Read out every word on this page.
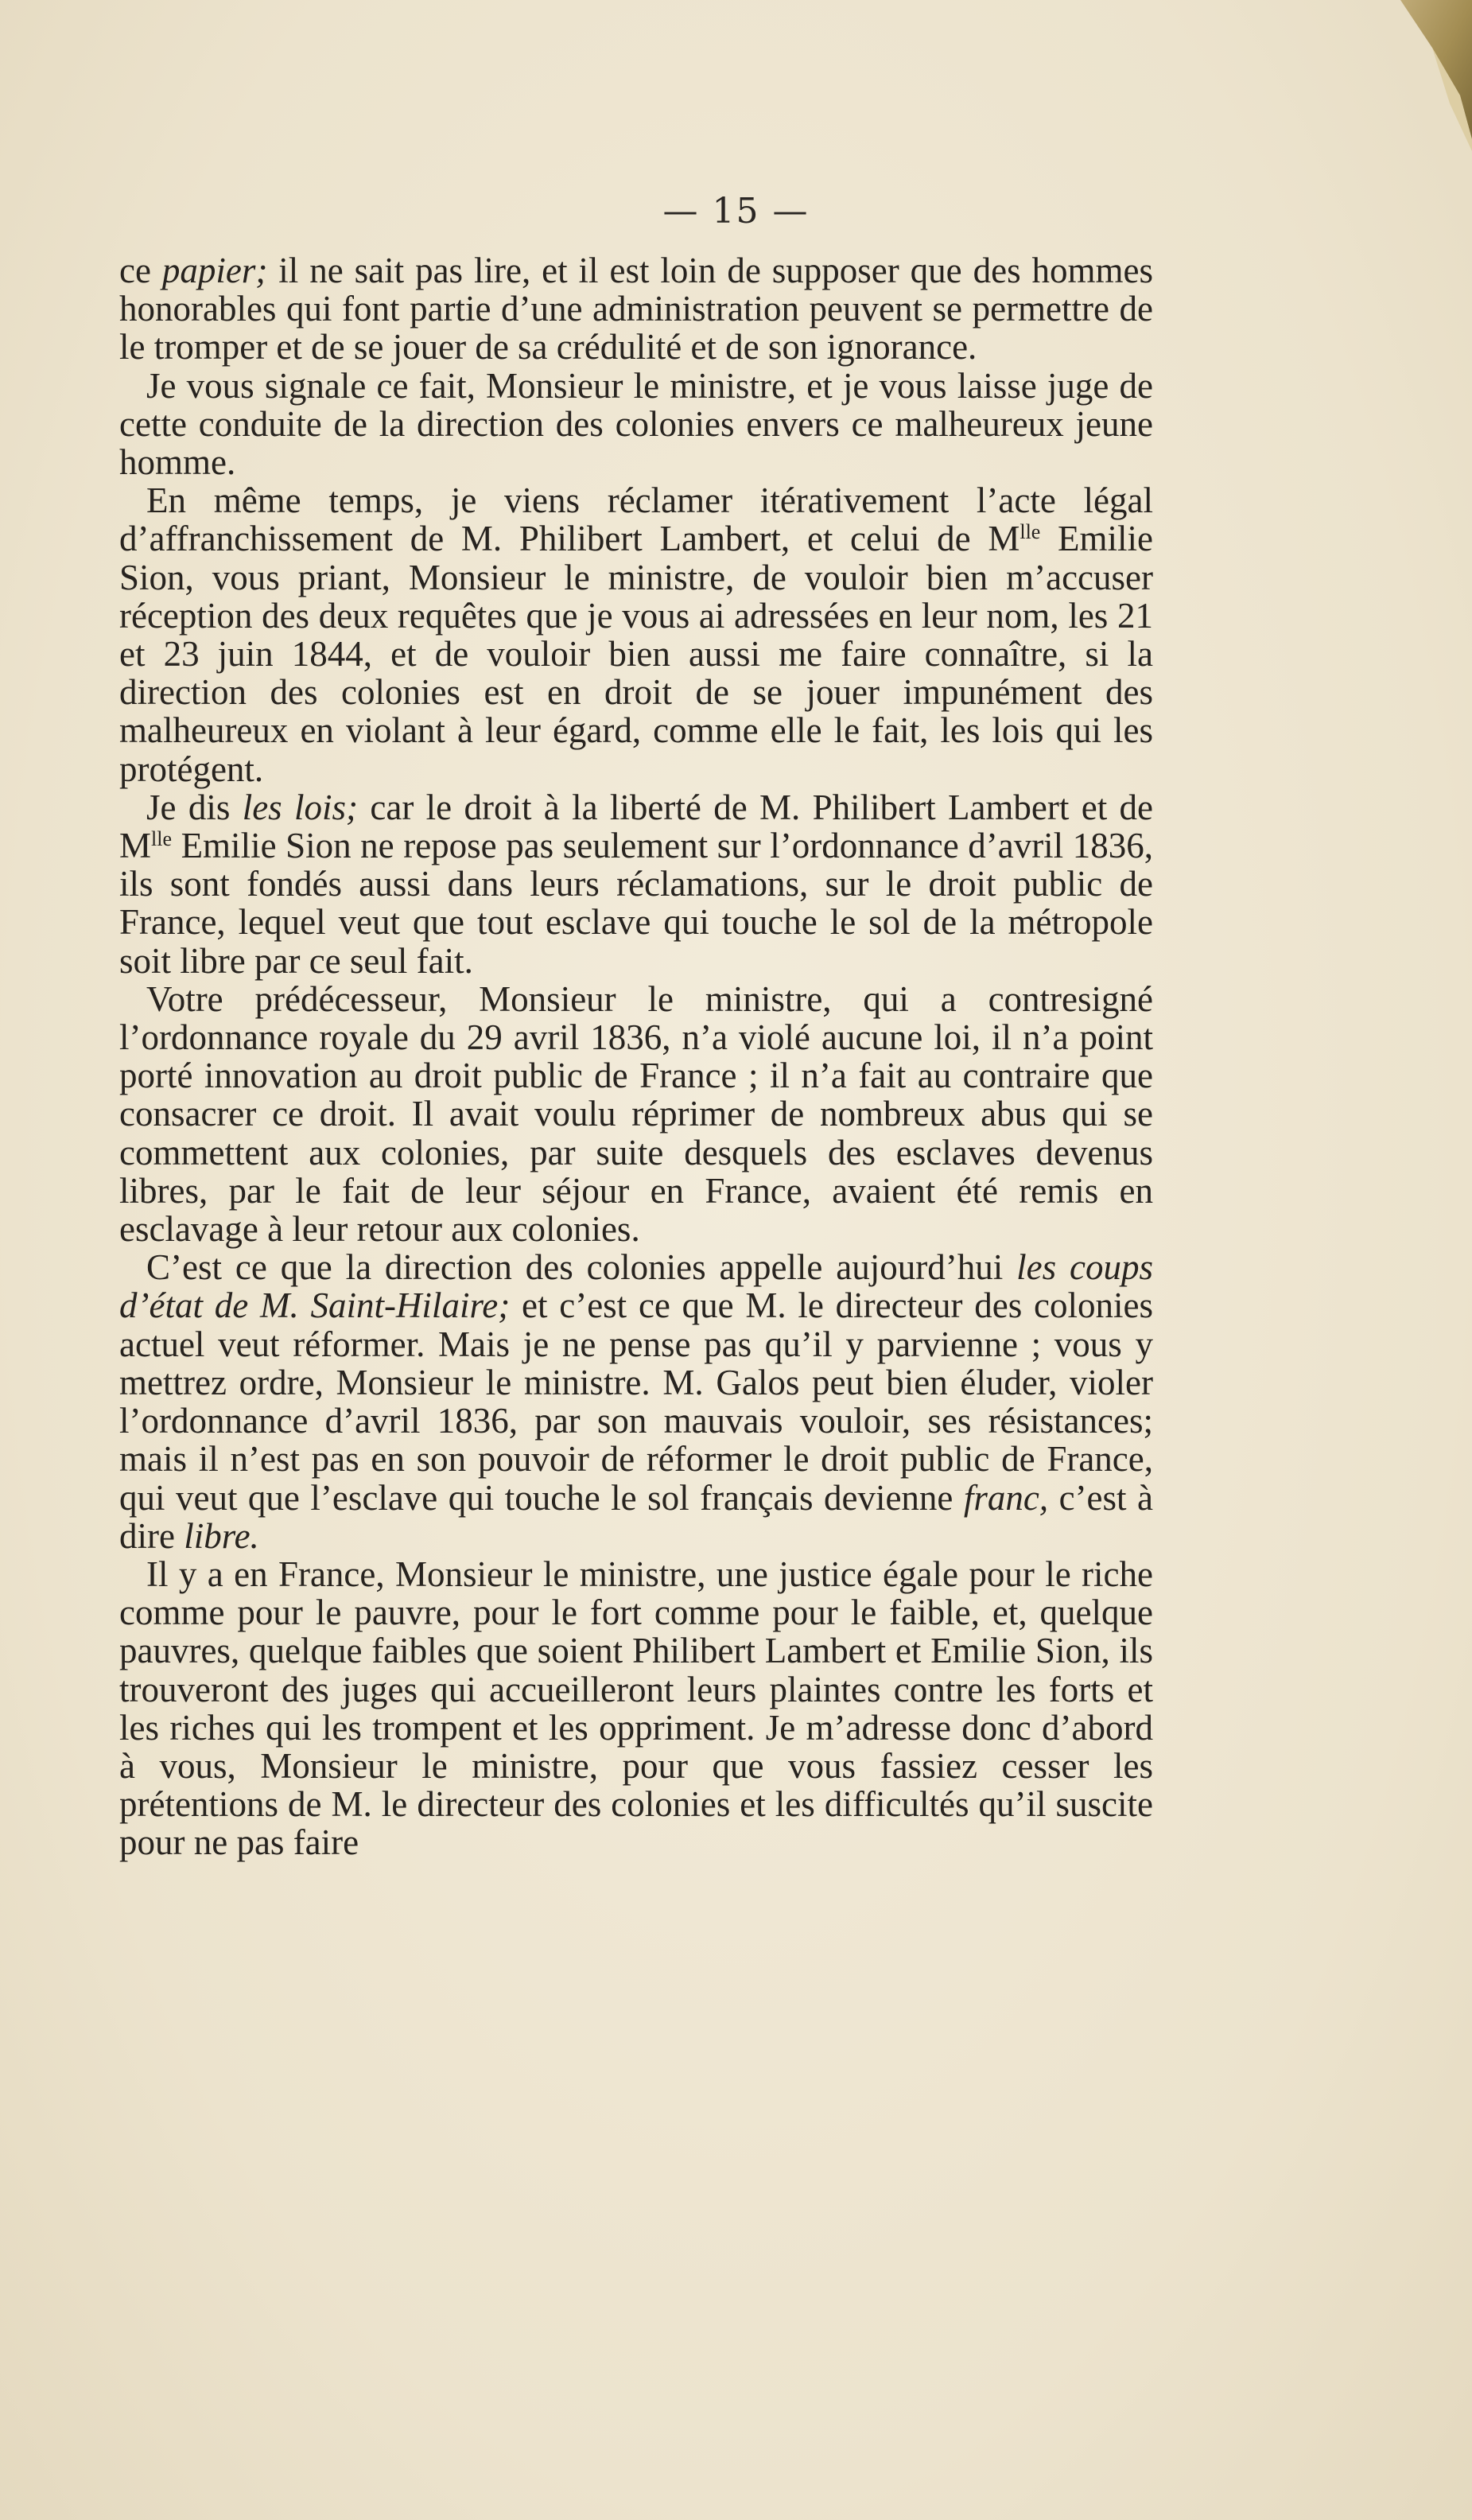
— 15 —

ce papier; il ne sait pas lire, et il est loin de supposer que des hommes honorables qui font partie d’une administration peuvent se permettre de le tromper et de se jouer de sa crédulité et de son ignorance.

Je vous signale ce fait, Monsieur le ministre, et je vous laisse juge de cette conduite de la direction des colonies envers ce malheureux jeune homme.

En même temps, je viens réclamer itérativement l’acte légal d’affranchissement de M. Philibert Lambert, et celui de $M^{lle}$ Emilie Sion, vous priant, Monsieur le ministre, de vouloir bien m’accuser réception des deux requêtes que je vous ai adressées en leur nom, les 21 et 23 juin 1844, et de vouloir bien aussi me faire connaître, si la direction des colonies est en droit de se jouer impunément des malheureux en violant à leur égard, comme elle le fait, les lois qui les protégent.

Je dis les lois; car le droit à la liberté de M. Philibert Lambert et de $M^{lle}$ Emilie Sion ne repose pas seulement sur l’ordonnance d’avril 1836, ils sont fondés aussi dans leurs réclamations, sur le droit public de France, lequel veut que tout esclave qui touche le sol de la métropole soit libre par ce seul fait.

Votre prédécesseur, Monsieur le ministre, qui a contresigné l’ordonnance royale du 29 avril 1836, n’a violé aucune loi, il n’a point porté innovation au droit public de France ; il n’a fait au contraire que consacrer ce droit. Il avait voulu réprimer de nombreux abus qui se commettent aux colonies, par suite desquels des esclaves devenus libres, par le fait de leur séjour en France, avaient été remis en esclavage à leur retour aux colonies.

C’est ce que la direction des colonies appelle aujourd’hui les coups d’état de M. Saint-Hilaire; et c’est ce que M. le directeur des colonies actuel veut réformer. Mais je ne pense pas qu’il y parvienne ; vous y mettrez ordre, Monsieur le ministre. M. Galos peut bien éluder, violer l’ordonnance d’avril 1836, par son mauvais vouloir, ses résistances; mais il n’est pas en son pouvoir de réformer le droit public de France, qui veut que l’esclave qui touche le sol français devienne franc, c’est à dire libre.

Il y a en France, Monsieur le ministre, une justice égale pour le riche comme pour le pauvre, pour le fort comme pour le faible, et, quelque pauvres, quelque faibles que soient Philibert Lambert et Emilie Sion, ils trouveront des juges qui accueilleront leurs plaintes contre les forts et les riches qui les trompent et les oppriment. Je m’adresse donc d’abord à vous, Monsieur le ministre, pour que vous fassiez cesser les prétentions de M. le directeur des colonies et les difficultés qu’il suscite pour ne pas faire
